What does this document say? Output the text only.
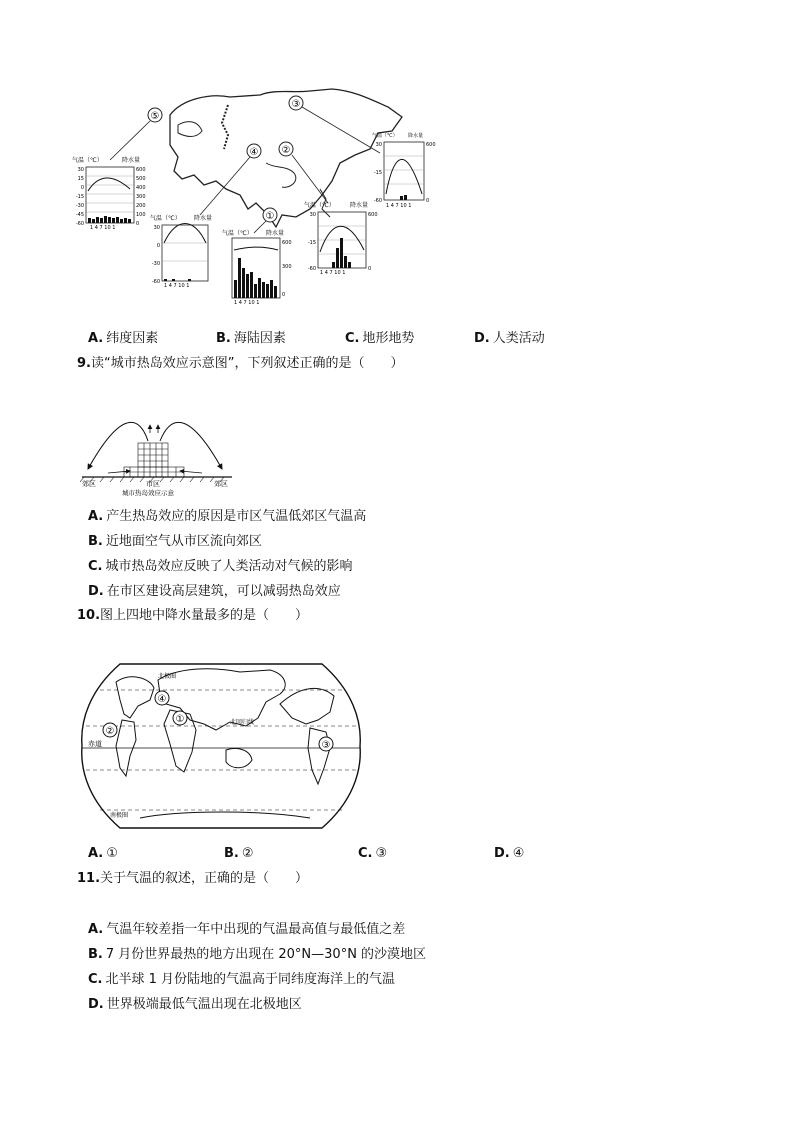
⑤
④ ②
③
①
气温（℃）	降水量
30
15
0
-15
-30
-45
-60
600
500
400
300
200
100
0
1 4 7 10 1
气温（℃） 降水量
30
0
-30
-60
1 4 7 10 1
气温（℃） 降水量
600
300
0
1 4 7 10 1
气温（℃）	降水量
30
-15
-60
600
0
1 4 7 10 1
气温（℃） 降水量
30
-15
-60
600
0
1 4 7 10 1
A. 纬度因素	B. 海陆因素	C. 地形地势	D. 人类活动
9.读“城市热岛效应示意图”，下列叙述正确的是（　　）
郊区	市区	郊区
城市热岛效应示意
A. 产生热岛效应的原因是市区气温低郊区气温高
B. 近地面空气从市区流向郊区
C. 城市热岛效应反映了人类活动对气候的影响
D. 在市区建设高层建筑，可以减弱热岛效应
10.图上四地中降水量最多的是（　　）
北极圈
北回归线
赤道
南极圈
④
①
②
③
A. ①	B. ②	C. ③	D. ④
11.关于气温的叙述，正确的是（　　）
A. 气温年较差指一年中出现的气温最高值与最低值之差
B. 7 月份世界最热的地方出现在 20°N—30°N 的沙漠地区
C. 北半球 1 月份陆地的气温高于同纬度海洋上的气温
D. 世界极端最低气温出现在北极地区
